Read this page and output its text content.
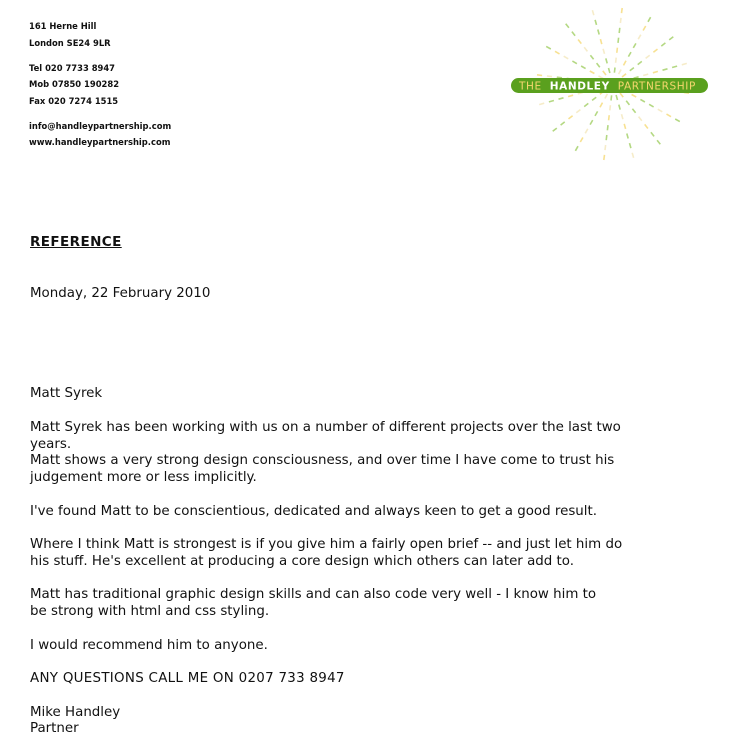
161 Herne Hill
London SE24 9LR
Tel 020 7733 8947
Mob 07850 190282
Fax 020 7274 1515
info@handleypartnership.com
www.handleypartnership.com
THE HANDLEY PARTNERSHIP
REFERENCE
Monday, 22 February 2010
Matt Syrek
Matt Syrek has been working with us on a number of different projects over the last two years.
Matt shows a very strong design consciousness, and over time I have come to trust his judgement more or less implicitly.
I've found Matt to be conscientious, dedicated and always keen to get a good result.
Where I think Matt is strongest is if you give him a fairly open brief -- and just let him do his stuff. He's excellent at producing a core design which others can later add to.
Matt has traditional graphic design skills and can also code very well - I know him to be strong with html and css styling.
I would recommend him to anyone.
ANY QUESTIONS CALL ME ON 0207 733 8947
Mike Handley
Partner
